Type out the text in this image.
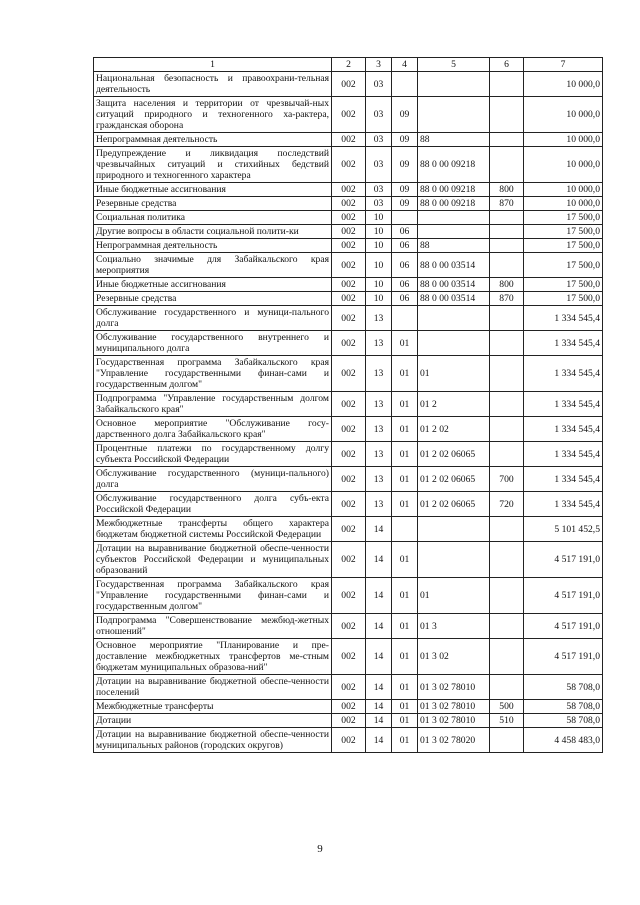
1	2	3	4	5	6	7
Национальная безопасность и правоохрани-тельная деятельность	002	03				10 000,0
Защита населения и территории от чрезвычай-ных ситуаций природного и техногенного ха-рактера, гражданская оборона	002	03	09			10 000,0
Непрограммная деятельность	002	03	09	88		10 000,0
Предупреждение и ликвидация последствий чрезвычайных ситуаций и стихийных бедствий природного и техногенного характера	002	03	09	88 0 00 09218		10 000,0
Иные бюджетные ассигнования	002	03	09	88 0 00 09218	800	10 000,0
Резервные средства	002	03	09	88 0 00 09218	870	10 000,0
Социальная политика	002	10				17 500,0
Другие вопросы в области социальной полити-ки	002	10	06			17 500,0
Непрограммная деятельность	002	10	06	88		17 500,0
Социально значимые для Забайкальского края мероприятия	002	10	06	88 0 00 03514		17 500,0
Иные бюджетные ассигнования	002	10	06	88 0 00 03514	800	17 500,0
Резервные средства	002	10	06	88 0 00 03514	870	17 500,0
Обслуживание государственного и муници-пального долга	002	13				1 334 545,4
Обслуживание государственного внутреннего и муниципального долга	002	13	01			1 334 545,4
Государственная программа Забайкальского края "Управление государственными финан-сами и государственным долгом"	002	13	01	01		1 334 545,4
Подпрограмма "Управление государственным долгом Забайкальского края"	002	13	01	01 2		1 334 545,4
Основное мероприятие "Обслуживание госу-дарственного долга Забайкальского края"	002	13	01	01 2 02		1 334 545,4
Процентные платежи по государственному долгу субъекта Российской Федерации	002	13	01	01 2 02 06065		1 334 545,4
Обслуживание государственного (муници-пального) долга	002	13	01	01 2 02 06065	700	1 334 545,4
Обслуживание государственного долга субъ-екта Российской Федерации	002	13	01	01 2 02 06065	720	1 334 545,4
Межбюджетные трансферты общего характера бюджетам бюджетной системы Российской Федерации	002	14				5 101 452,5
Дотации на выравнивание бюджетной обеспе-ченности субъектов Российской Федерации и муниципальных образований	002	14	01			4 517 191,0
Государственная программа Забайкальского края "Управление государственными финан-сами и государственным долгом"	002	14	01	01		4 517 191,0
Подпрограмма "Совершенствование межбюд-жетных отношений"	002	14	01	01 3		4 517 191,0
Основное мероприятие "Планирование и пре-доставление межбюджетных трансфертов ме-стным бюджетам муниципальных образова-ний"	002	14	01	01 3 02		4 517 191,0
Дотации на выравнивание бюджетной обеспе-ченности поселений	002	14	01	01 3 02 78010		58 708,0
Межбюджетные трансферты	002	14	01	01 3 02 78010	500	58 708,0
Дотации	002	14	01	01 3 02 78010	510	58 708,0
Дотации на выравнивание бюджетной обеспе-ченности муниципальных районов (городских округов)	002	14	01	01 3 02 78020		4 458 483,0
9
